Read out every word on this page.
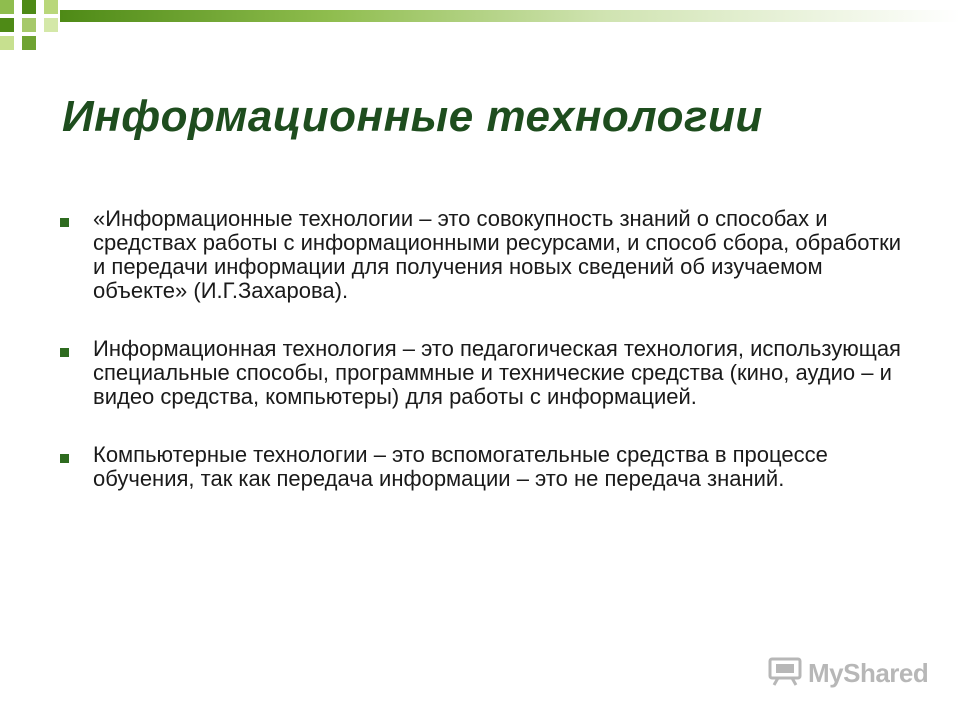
Информационные технологии
«Информационные технологии – это совокупность знаний о способах и средствах работы с информационными ресурсами, и способ сбора, обработки и передачи информации для получения новых сведений об изучаемом объекте» (И.Г.Захарова).
Информационная технология – это педагогическая технология, использующая специальные способы, программные и технические средства (кино, аудио – и видео средства, компьютеры) для работы с информацией.
Компьютерные технологии – это вспомогательные средства в процессе обучения, так как передача информации – это не передача знаний.
MyShared
